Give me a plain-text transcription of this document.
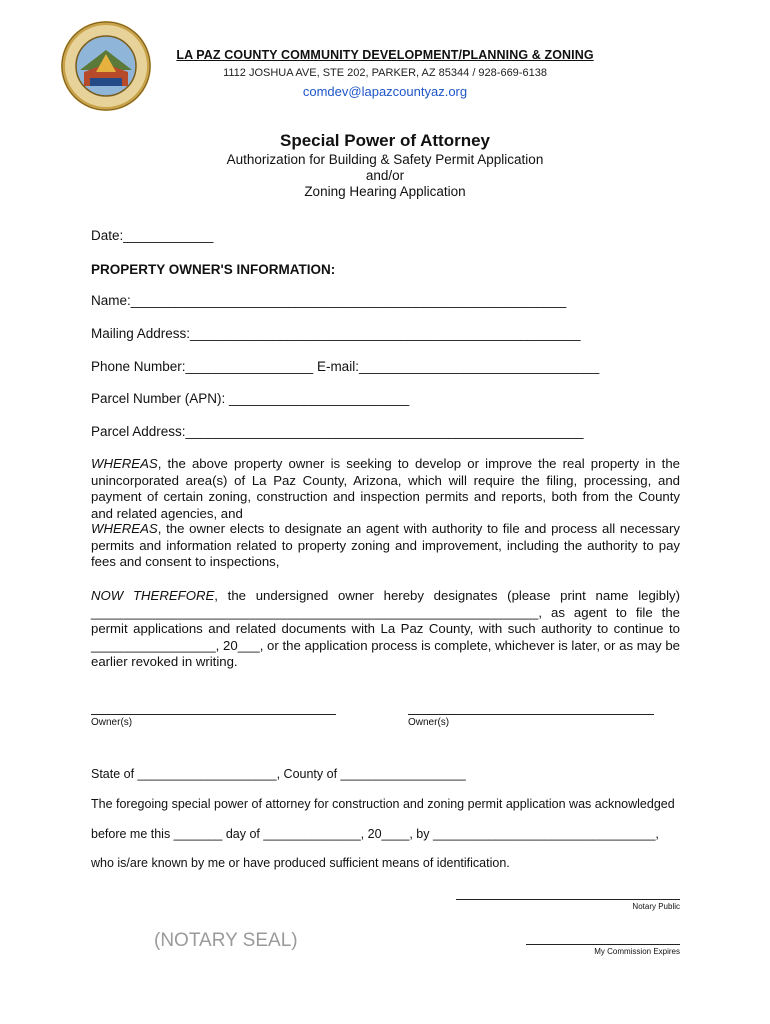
LA PAZ COUNTY COMMUNITY DEVELOPMENT/PLANNING & ZONING
1112 JOSHUA AVE, STE 202, PARKER, AZ 85344 / 928-669-6138
comdev@lapazcountyaz.org
Special Power of Attorney
Authorization for Building & Safety Permit Application
and/or
Zoning Hearing Application
Date:____________
PROPERTY OWNER'S INFORMATION:
Name:__________________________________________________________
Mailing Address:____________________________________________________
Phone Number:_________________ E-mail:________________________________
Parcel Number (APN): ________________________
Parcel Address:_____________________________________________________
WHEREAS, the above property owner is seeking to develop or improve the real property in the unincorporated area(s) of La Paz County, Arizona, which will require the filing, processing, and payment of certain zoning, construction and inspection permits and reports, both from the County and related agencies, and
WHEREAS, the owner elects to designate an agent with authority to file and process all necessary permits and information related to property zoning and improvement, including the authority to pay fees and consent to inspections,
NOW THEREFORE, the undersigned owner hereby designates (please print name legibly) _____________________________________________________________, as agent to file the permit applications and related documents with La Paz County, with such authority to continue to _________________, 20___, or the application process is complete, whichever is later, or as may be earlier revoked in writing.
Owner(s)	Owner(s)
State of ____________________, County of __________________
The foregoing special power of attorney for construction and zoning permit application was acknowledged
before me this _______ day of ______________, 20____, by ________________________________,
who is/are known by me or have produced sufficient means of identification.
Notary Public
(NOTARY SEAL)
My Commission Expires
